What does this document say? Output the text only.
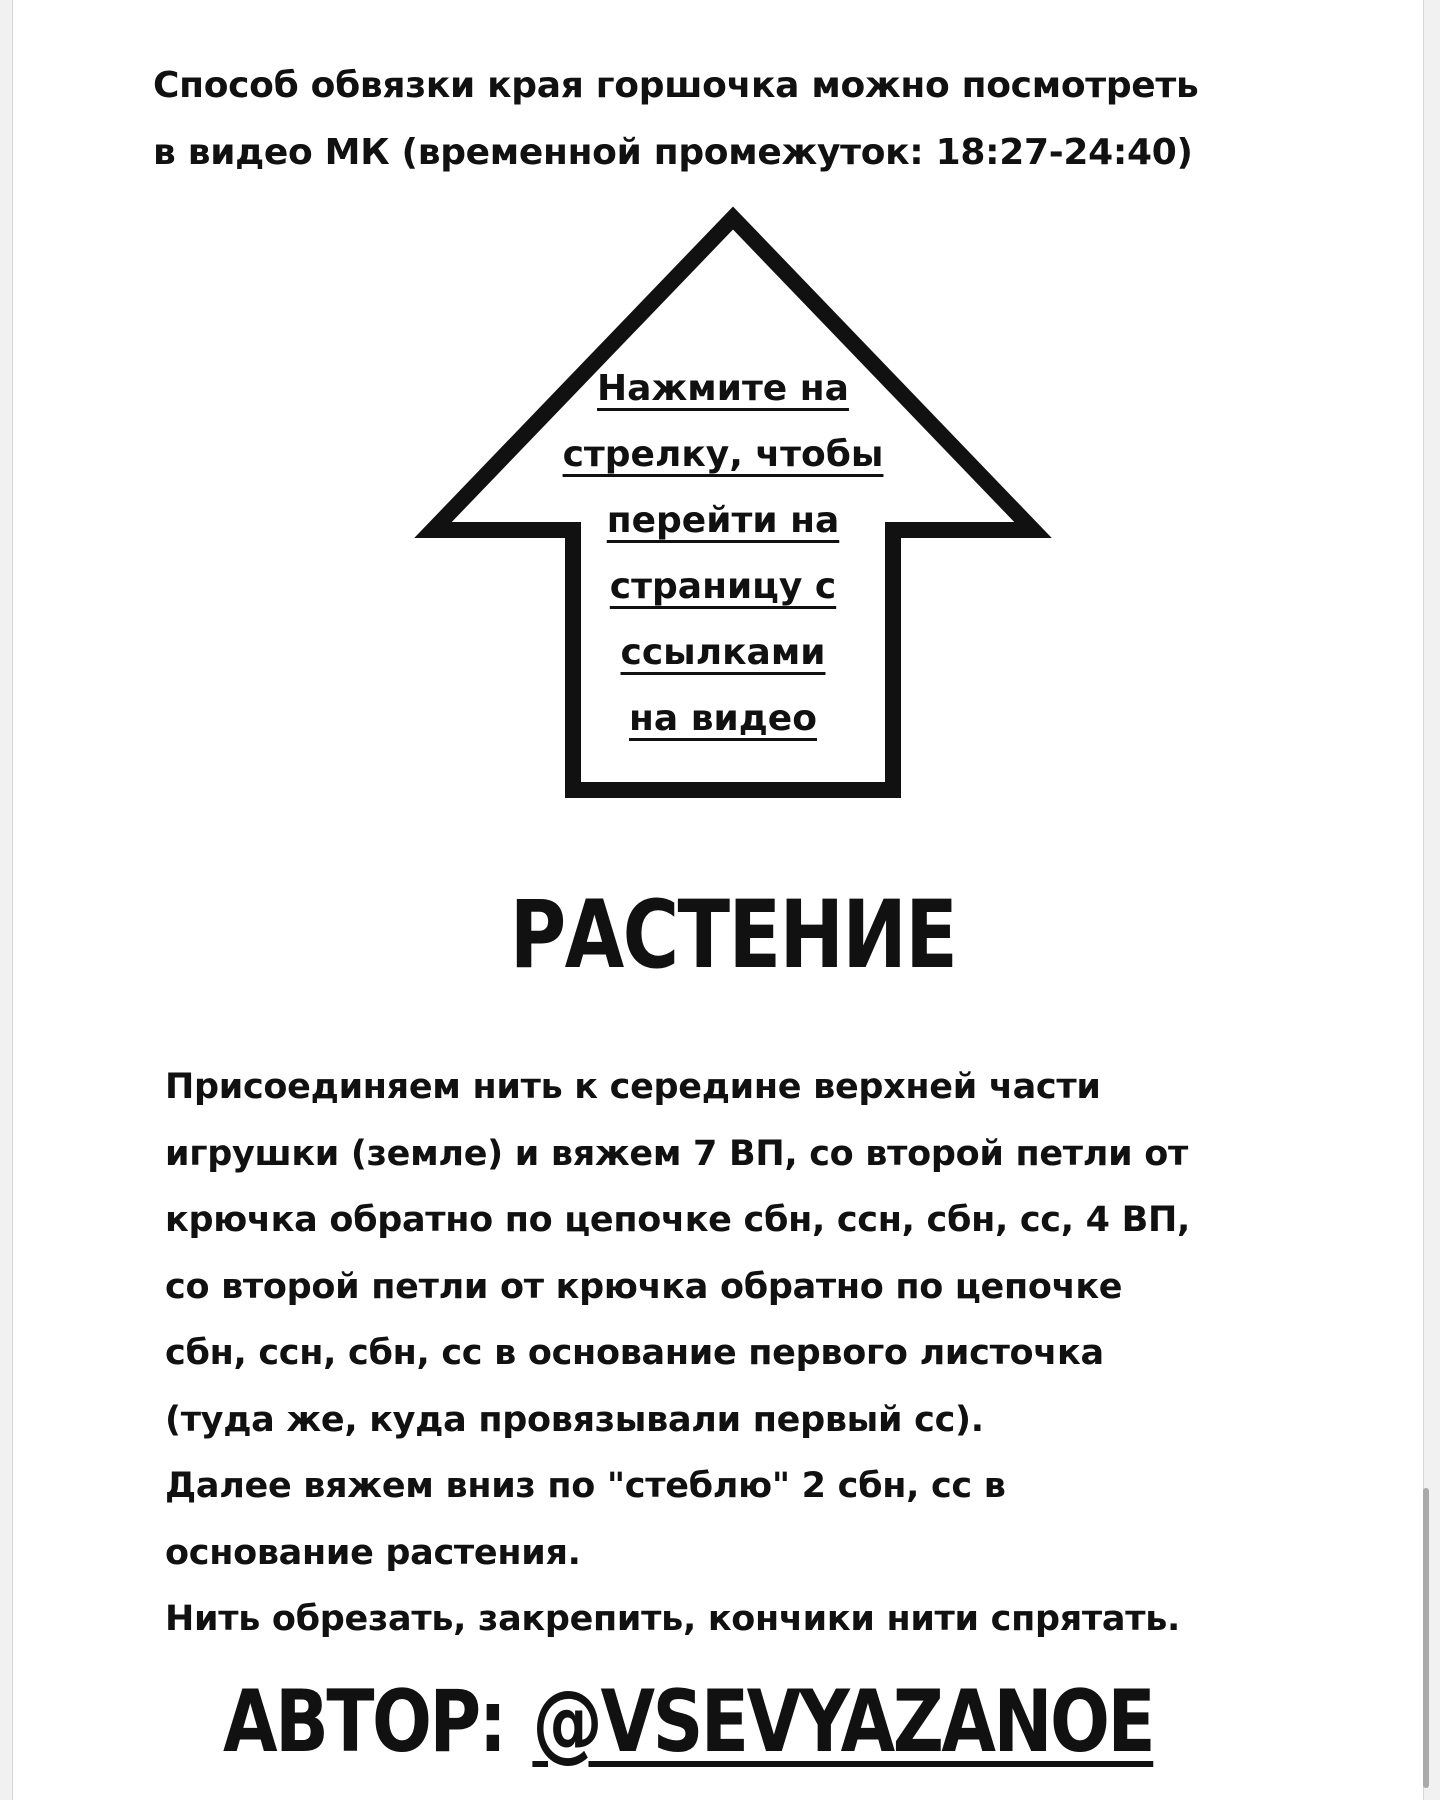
Способ обвязки края горшочка можно посмотреть
в видео МК (временной промежуток: 18:27-24:40)

Нажмите на
стрелку, чтобы
перейти на
страницу с
ссылками
на видео
РАСТЕНИЕ

Присоединяем нить к середине верхней части
игрушки (земле) и вяжем 7 ВП, со второй петли от
крючка обратно по цепочке сбн, ссн, сбн, сс, 4 ВП,
со второй петли от крючка обратно по цепочке
сбн, ссн, сбн, сс в основание первого листочка
(туда же, куда провязывали первый сс).
Далее вяжем вниз по "стеблю" 2 сбн, сс в
основание растения.
Нить обрезать, закрепить, кончики нити спрятать.

АВТОР: @VSEVYAZANOE
